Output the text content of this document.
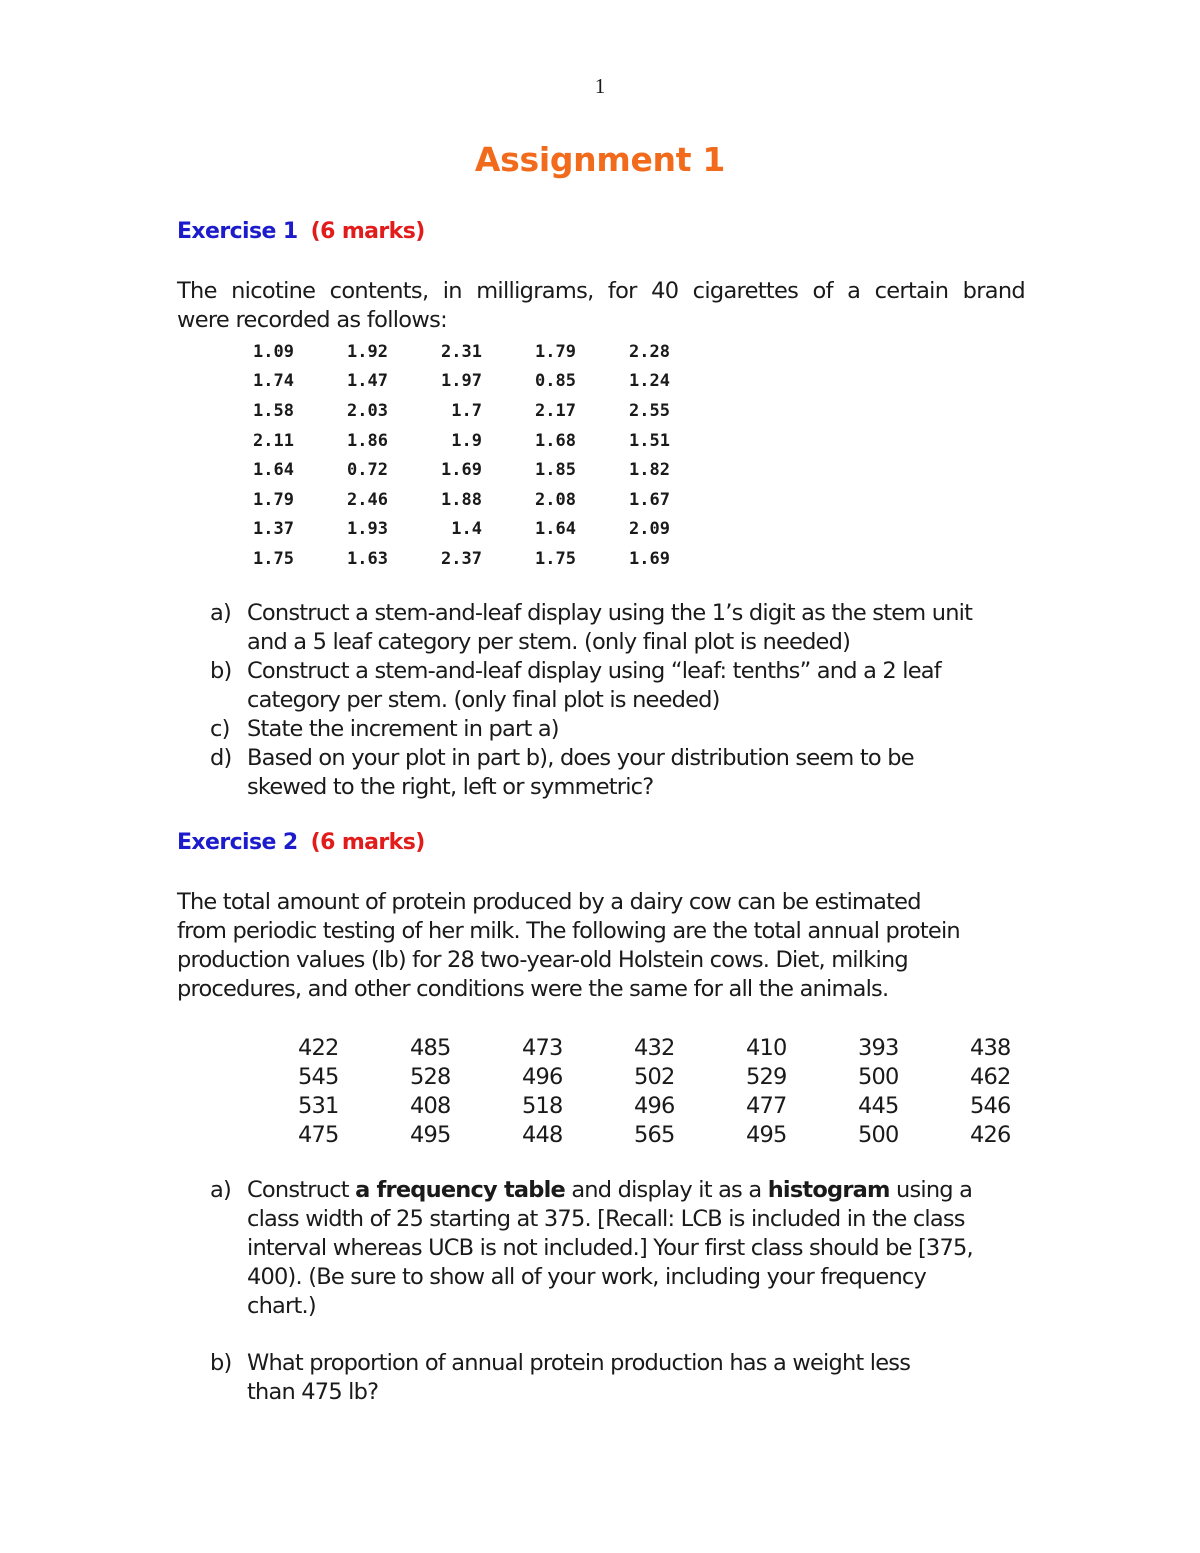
1
Assignment 1
Exercise 1 (6 marks)
The nicotine contents, in milligrams, for 40 cigarettes of a certain brand
were recorded as follows:
1.09	1.92	2.31	1.79	2.28
1.74	1.47	1.97	0.85	1.24
1.58	2.03	1.7	2.17	2.55
2.11	1.86	1.9	1.68	1.51
1.64	0.72	1.69	1.85	1.82
1.79	2.46	1.88	2.08	1.67
1.37	1.93	1.4	1.64	2.09
1.75	1.63	2.37	1.75	1.69
a) Construct a stem-and-leaf display using the 1’s digit as the stem unit
and a 5 leaf category per stem. (only final plot is needed)
b) Construct a stem-and-leaf display using “leaf: tenths” and a 2 leaf
category per stem. (only final plot is needed)
c) State the increment in part a)
d) Based on your plot in part b), does your distribution seem to be
skewed to the right, left or symmetric?
Exercise 2 (6 marks)
The total amount of protein produced by a dairy cow can be estimated
from periodic testing of her milk. The following are the total annual protein
production values (lb) for 28 two-year-old Holstein cows. Diet, milking
procedures, and other conditions were the same for all the animals.
422	485	473	432	410	393	438
545	528	496	502	529	500	462
531	408	518	496	477	445	546
475	495	448	565	495	500	426
a) Construct a frequency table and display it as a histogram using a
class width of 25 starting at 375. [Recall: LCB is included in the class
interval whereas UCB is not included.] Your first class should be [375,
400). (Be sure to show all of your work, including your frequency
chart.)
b) What proportion of annual protein production has a weight less
than 475 lb?
